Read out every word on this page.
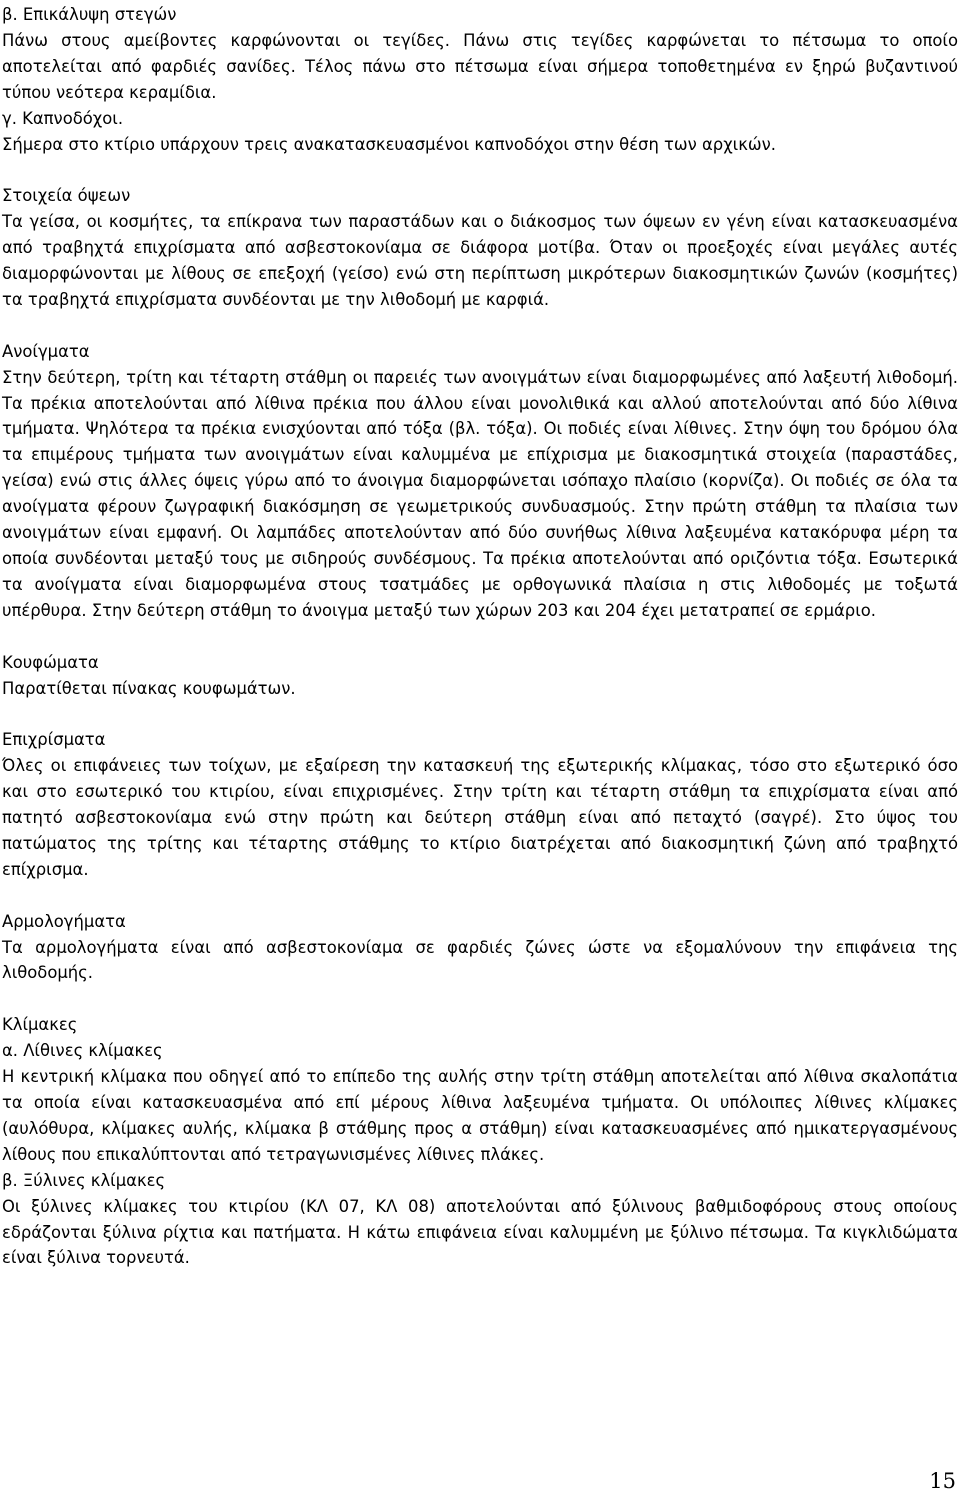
β. Επικάλυψη στεγών
Πάνω στους αμείβοντες καρφώνονται οι τεγίδες. Πάνω στις τεγίδες καρφώνεται το πέτσωμα το οποίο αποτελείται από φαρδιές σανίδες. Τέλος πάνω στο πέτσωμα είναι σήμερα τοποθετημένα εν ξηρώ βυζαντινού τύπου νεότερα κεραμίδια.
γ. Καπνοδόχοι.
Σήμερα στο κτίριο υπάρχουν τρεις ανακατασκευασμένοι καπνοδόχοι στην θέση των αρχικών.
Στοιχεία όψεων
Τα γείσα, οι κοσμήτες, τα επίκρανα των παραστάδων και ο διάκοσμος των όψεων εν γένη είναι κατασκευασμένα από τραβηχτά επιχρίσματα από ασβεστοκονίαμα σε διάφορα μοτίβα. Όταν οι προεξοχές είναι μεγάλες αυτές διαμορφώνονται με λίθους σε επεξοχή (γείσο) ενώ στη περίπτωση μικρότερων διακοσμητικών ζωνών (κοσμήτες) τα τραβηχτά επιχρίσματα συνδέονται με την λιθοδομή με καρφιά.
Ανοίγματα
Στην δεύτερη, τρίτη και τέταρτη στάθμη οι παρειές των ανοιγμάτων είναι διαμορφωμένες από λαξευτή λιθοδομή. Τα πρέκια αποτελούνται από λίθινα πρέκια που άλλου είναι μονολιθικά και αλλού αποτελούνται από δύο λίθινα τμήματα. Ψηλότερα τα πρέκια ενισχύονται από τόξα (βλ. τόξα). Οι ποδιές είναι λίθινες. Στην όψη του δρόμου όλα τα επιμέρους τμήματα των ανοιγμάτων είναι καλυμμένα με επίχρισμα με διακοσμητικά στοιχεία (παραστάδες, γείσα) ενώ στις άλλες όψεις γύρω από το άνοιγμα διαμορφώνεται ισόπαχο πλαίσιο (κορνίζα). Οι ποδιές σε όλα τα ανοίγματα φέρουν ζωγραφική διακόσμηση σε γεωμετρικούς συνδυασμούς. Στην πρώτη στάθμη τα πλαίσια των ανοιγμάτων είναι εμφανή. Οι λαμπάδες αποτελούνταν από δύο συνήθως λίθινα λαξευμένα κατακόρυφα μέρη τα οποία συνδέονται μεταξύ τους με σιδηρούς συνδέσμους. Τα πρέκια αποτελούνται από οριζόντια τόξα. Εσωτερικά τα ανοίγματα είναι διαμορφωμένα στους τσατμάδες με ορθογωνικά πλαίσια η στις λιθοδομές με τοξωτά υπέρθυρα. Στην δεύτερη στάθμη το άνοιγμα μεταξύ των χώρων 203 και 204 έχει μετατραπεί σε ερμάριο.
Κουφώματα
Παρατίθεται πίνακας κουφωμάτων.
Επιχρίσματα
Όλες οι επιφάνειες των τοίχων, με εξαίρεση την κατασκευή της εξωτερικής κλίμακας, τόσο στο εξωτερικό όσο και στο εσωτερικό του κτιρίου, είναι επιχρισμένες. Στην τρίτη και τέταρτη στάθμη τα επιχρίσματα είναι από πατητό ασβεστοκονίαμα ενώ στην πρώτη και δεύτερη στάθμη είναι από πεταχτό (σαγρέ). Στο ύψος του πατώματος της τρίτης και τέταρτης στάθμης το κτίριο διατρέχεται από διακοσμητική ζώνη από τραβηχτό επίχρισμα.
Αρμολογήματα
Τα αρμολογήματα είναι από ασβεστοκονίαμα σε φαρδιές ζώνες ώστε να εξομαλύνουν την επιφάνεια της λιθοδομής.
Κλίμακες
α. Λίθινες κλίμακες
Η κεντρική κλίμακα που οδηγεί από το επίπεδο της αυλής στην τρίτη στάθμη αποτελείται από λίθινα σκαλοπάτια τα οποία είναι κατασκευασμένα από επί μέρους λίθινα λαξευμένα τμήματα. Οι υπόλοιπες λίθινες κλίμακες (αυλόθυρα, κλίμακες αυλής, κλίμακα β στάθμης προς α στάθμη) είναι κατασκευασμένες από ημικατεργασμένους λίθους που επικαλύπτονται από τετραγωνισμένες λίθινες πλάκες.
β. Ξύλινες κλίμακες
Οι ξύλινες κλίμακες του κτιρίου (ΚΛ 07, ΚΛ 08) αποτελούνται από ξύλινους βαθμιδοφόρους στους οποίους εδράζονται ξύλινα ρίχτια και πατήματα. Η κάτω επιφάνεια είναι καλυμμένη με ξύλινο πέτσωμα. Τα κιγκλιδώματα είναι ξύλινα τορνευτά.
15
